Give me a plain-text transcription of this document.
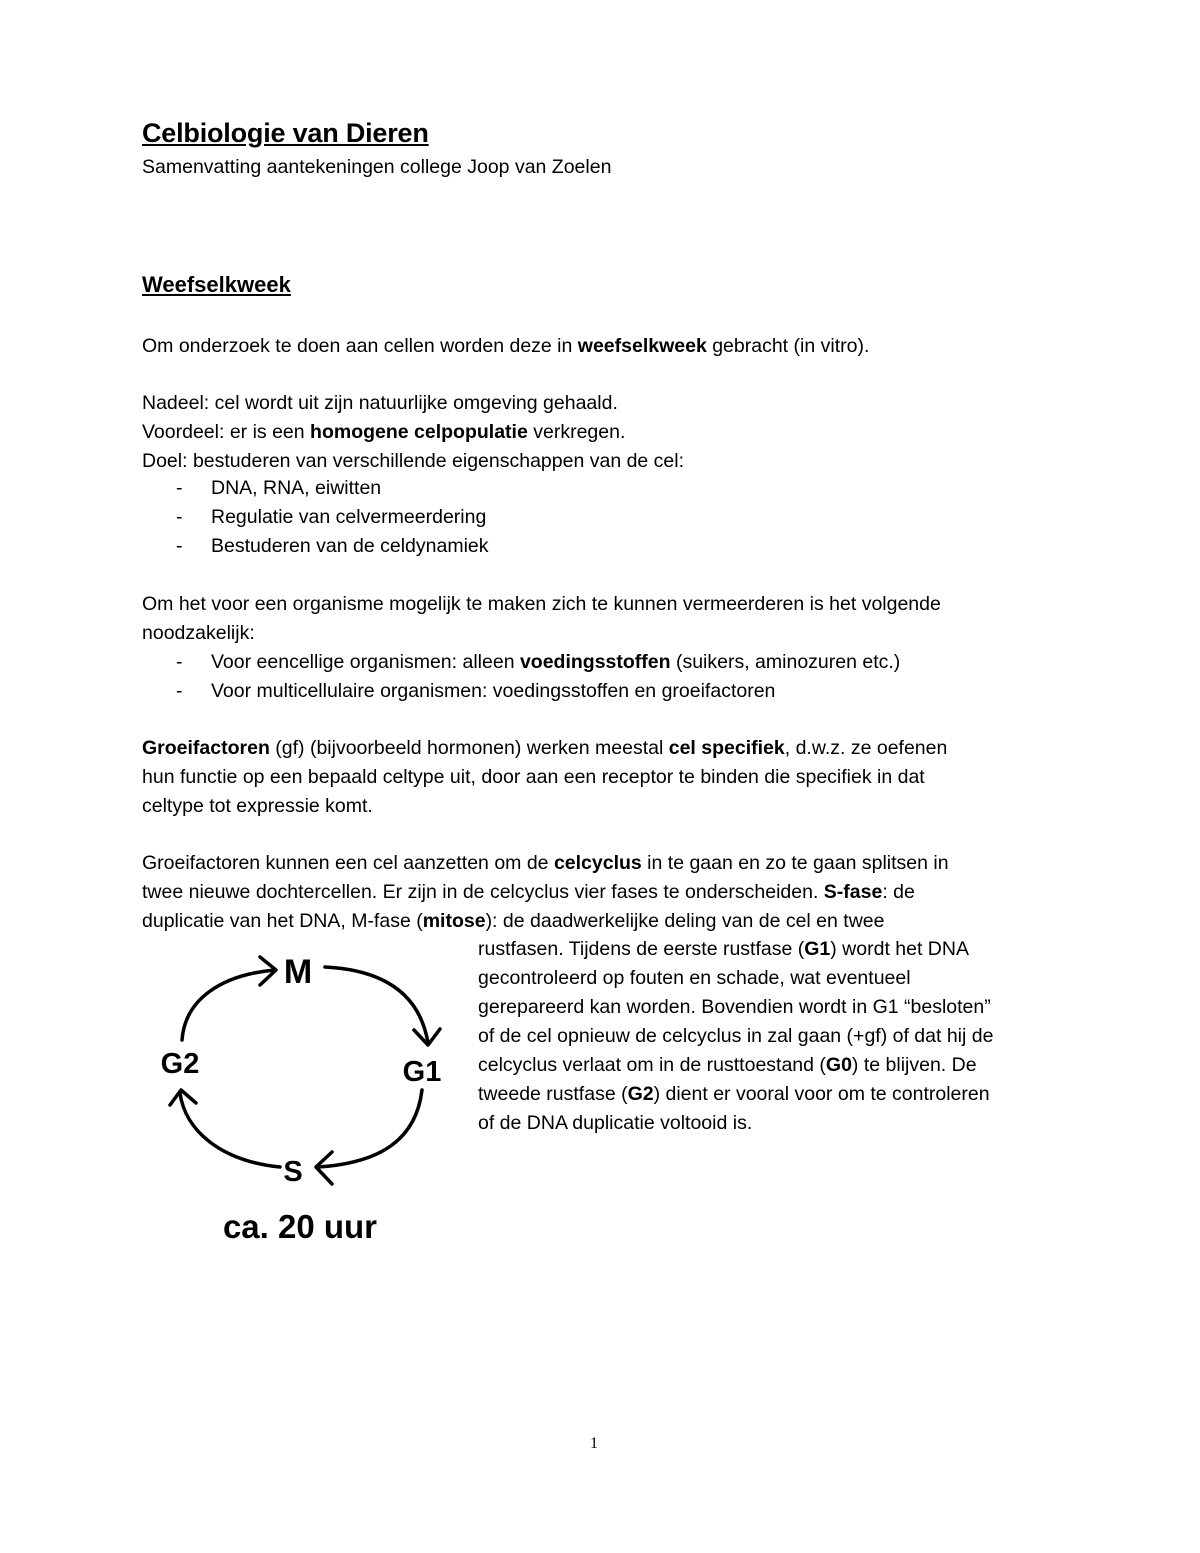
Celbiologie van Dieren

Samenvatting aantekeningen college Joop van Zoelen

Weefselkweek

Om onderzoek te doen aan cellen worden deze in weefselkweek gebracht (in vitro).

Nadeel: cel wordt uit zijn natuurlijke omgeving gehaald.

Voordeel: er is een homogene celpopulatie verkregen.

Doel: bestuderen van verschillende eigenschappen van de cel:

- DNA, RNA, eiwitten

- Regulatie van celvermeerdering

- Bestuderen van de celdynamiek

Om het voor een organisme mogelijk te maken zich te kunnen vermeerderen is het volgende
noodzakelijk:

- Voor eencellige organismen: alleen voedingsstoffen (suikers, aminozuren etc.)

- Voor multicellulaire organismen: voedingsstoffen en groeifactoren

Groeifactoren (gf) (bijvoorbeeld hormonen) werken meestal cel specifiek, d.w.z. ze oefenen
hun functie op een bepaald celtype uit, door aan een receptor te binden die specifiek in dat
celtype tot expressie komt.

Groeifactoren kunnen een cel aanzetten om de celcyclus in te gaan en zo te gaan splitsen in
twee nieuwe dochtercellen. Er zijn in de celcyclus vier fases te onderscheiden. S-fase: de
duplicatie van het DNA, M-fase (mitose): de daadwerkelijke deling van de cel en twee

rustfasen. Tijdens de eerste rustfase (G1) wordt het DNA
gecontroleerd op fouten en schade, wat eventueel
gerepareerd kan worden. Bovendien wordt in G1 “besloten”
of de cel opnieuw de celcyclus in zal gaan (+gf) of dat hij de
celcyclus verlaat om in de rusttoestand (G0) te blijven. De
tweede rustfase (G2) dient er vooral voor om te controleren
of de DNA duplicatie voltooid is.
M
G1
S
G2
ca. 20 uur
1
